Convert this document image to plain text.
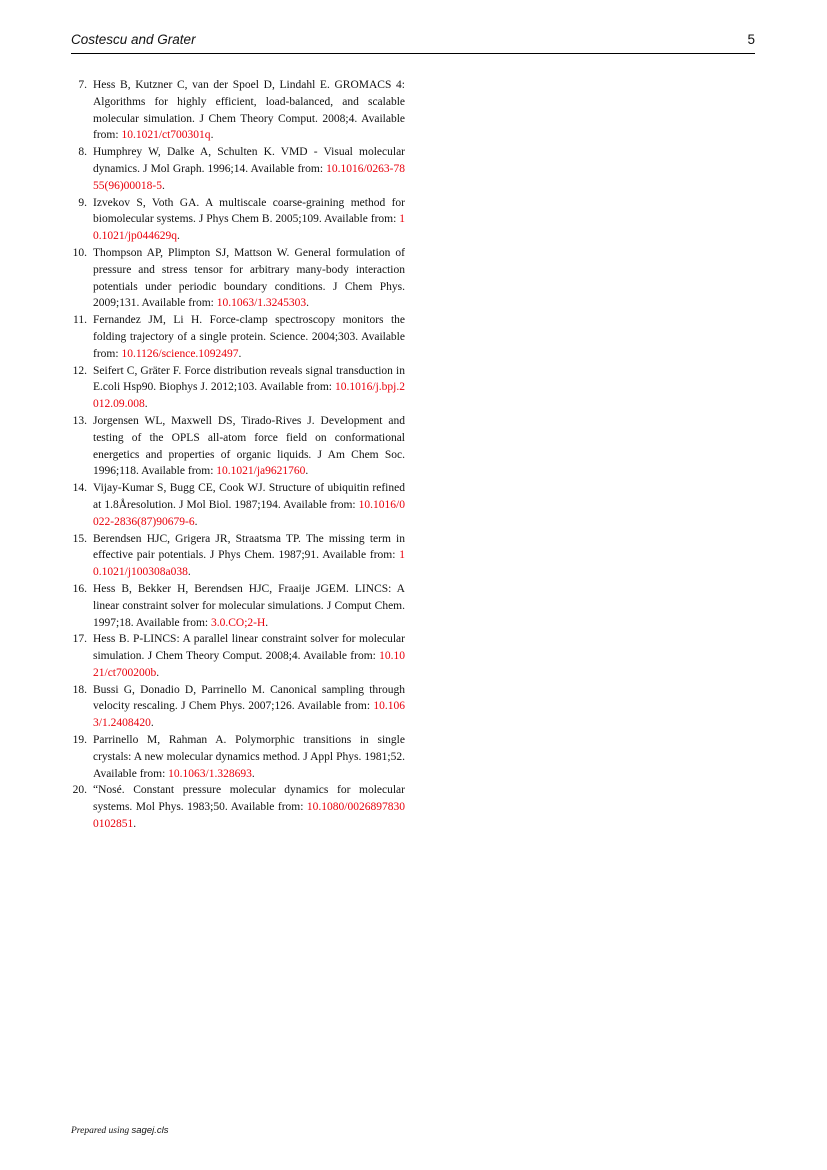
Costescu and Grater	5
7. Hess B, Kutzner C, van der Spoel D, Lindahl E. GROMACS 4: Algorithms for highly efficient, load-balanced, and scalable molecular simulation. J Chem Theory Comput. 2008;4. Available from: 10.1021/ct700301q.
8. Humphrey W, Dalke A, Schulten K. VMD - Visual molecular dynamics. J Mol Graph. 1996;14. Available from: 10.1016/0263-7855(96)00018-5.
9. Izvekov S, Voth GA. A multiscale coarse-graining method for biomolecular systems. J Phys Chem B. 2005;109. Available from: 10.1021/jp044629q.
10. Thompson AP, Plimpton SJ, Mattson W. General formulation of pressure and stress tensor for arbitrary many-body interaction potentials under periodic boundary conditions. J Chem Phys. 2009;131. Available from: 10.1063/1.3245303.
11. Fernandez JM, Li H. Force-clamp spectroscopy monitors the folding trajectory of a single protein. Science. 2004;303. Available from: 10.1126/science.1092497.
12. Seifert C, Gräter F. Force distribution reveals signal transduction in E.coli Hsp90. Biophys J. 2012;103. Available from: 10.1016/j.bpj.2012.09.008.
13. Jorgensen WL, Maxwell DS, Tirado-Rives J. Development and testing of the OPLS all-atom force field on conformational energetics and properties of organic liquids. J Am Chem Soc. 1996;118. Available from: 10.1021/ja9621760.
14. Vijay-Kumar S, Bugg CE, Cook WJ. Structure of ubiquitin refined at 1.8Åresolution. J Mol Biol. 1987;194. Available from: 10.1016/0022-2836(87)90679-6.
15. Berendsen HJC, Grigera JR, Straatsma TP. The missing term in effective pair potentials. J Phys Chem. 1987;91. Available from: 10.1021/j100308a038.
16. Hess B, Bekker H, Berendsen HJC, Fraaije JGEM. LINCS: A linear constraint solver for molecular simulations. J Comput Chem. 1997;18. Available from: 3.0.CO;2-H.
17. Hess B. P-LINCS: A parallel linear constraint solver for molecular simulation. J Chem Theory Comput. 2008;4. Available from: 10.1021/ct700200b.
18. Bussi G, Donadio D, Parrinello M. Canonical sampling through velocity rescaling. J Chem Phys. 2007;126. Available from: 10.1063/1.2408420.
19. Parrinello M, Rahman A. Polymorphic transitions in single crystals: A new molecular dynamics method. J Appl Phys. 1981;52. Available from: 10.1063/1.328693.
20. “Nosé. Constant pressure molecular dynamics for molecular systems. Mol Phys. 1983;50. Available from: 10.1080/00268978300102851.
Prepared using sagej.cls
